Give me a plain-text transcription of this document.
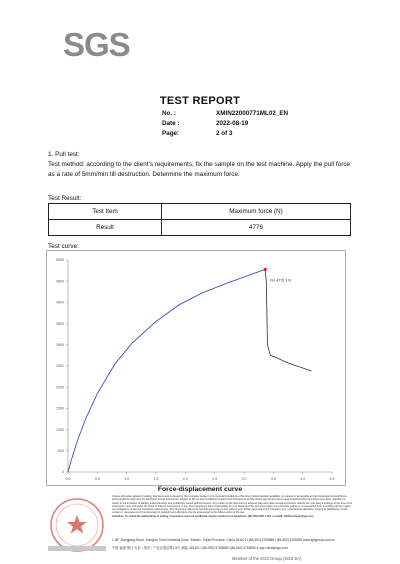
SGS
TEST REPORT
No. :	XMIN22000771ML02_EN
Date :	2022-08-19
Page:	2 of 3
1. Pull test:
Test method: according to the client's requirements, fix the sample on the test machine. Apply the pull force as a rate of 5mm/min till destruction. Determine the maximum force.
Test Result:
Test Item	Maximum force (N)
Result	4776
Test curve:
0.0	0.5	1.0	1.5	2.0	2.5	3.0	3.5	4.0	4.5
0
500
1000
1500
2000
2500
3000
3500
4000
4500
5000
Fm 4776.3 N
Force-displacement curve
Unless otherwise agreed in writing, this document is issued by the Company subject to its General Conditions of Service printed overleaf, available on request or accessible at http://www.sgs.com/en/Terms-and-Conditions.aspx and, for electronic format documents, subject to Terms and Conditions for Electronic Documents at http://www.sgs.com/en/Terms-and-Conditions/Terms-e-Document.aspx. Attention is drawn to the limitation of liability, indemnification and jurisdiction issues defined therein. Any holder of this document is advised that information contained hereon reflects the Company's findings at the time of its intervention only and within the limits of Client's instructions, if any. The Company's sole responsibility is to its Client and this document does not exonerate parties to a transaction from exercising all their rights and obligations under the transaction documents. This document cannot be reproduced except in full, without prior written approval of the Company. Any unauthorized alteration, forgery or falsification of the content or appearance of this document is unlawful and offenders may be prosecuted to the fullest extent of the law.
Attention: To check the authenticity of testing / inspection report & certificate, please contact us at telephone: (86-755) 8307 1443, or email: CN.Doccheck@sgs.com
1-5/F Xiangjiang Road, Xiang'an Torch Industrial Zone, Xiamen, Fujian Province, China 361101 t (86-592) 5765588 f (86-592) 5765590 www.sgsgroup.com.cn
中国·福建·厦门·火炬（翔安）产业区翔岳路1-5号 邮编: 361101 t (86-592) 5765588 f (86-592) 5765590 e sgs.china@sgs.com
Member of the SGS Group (SGS SA)
